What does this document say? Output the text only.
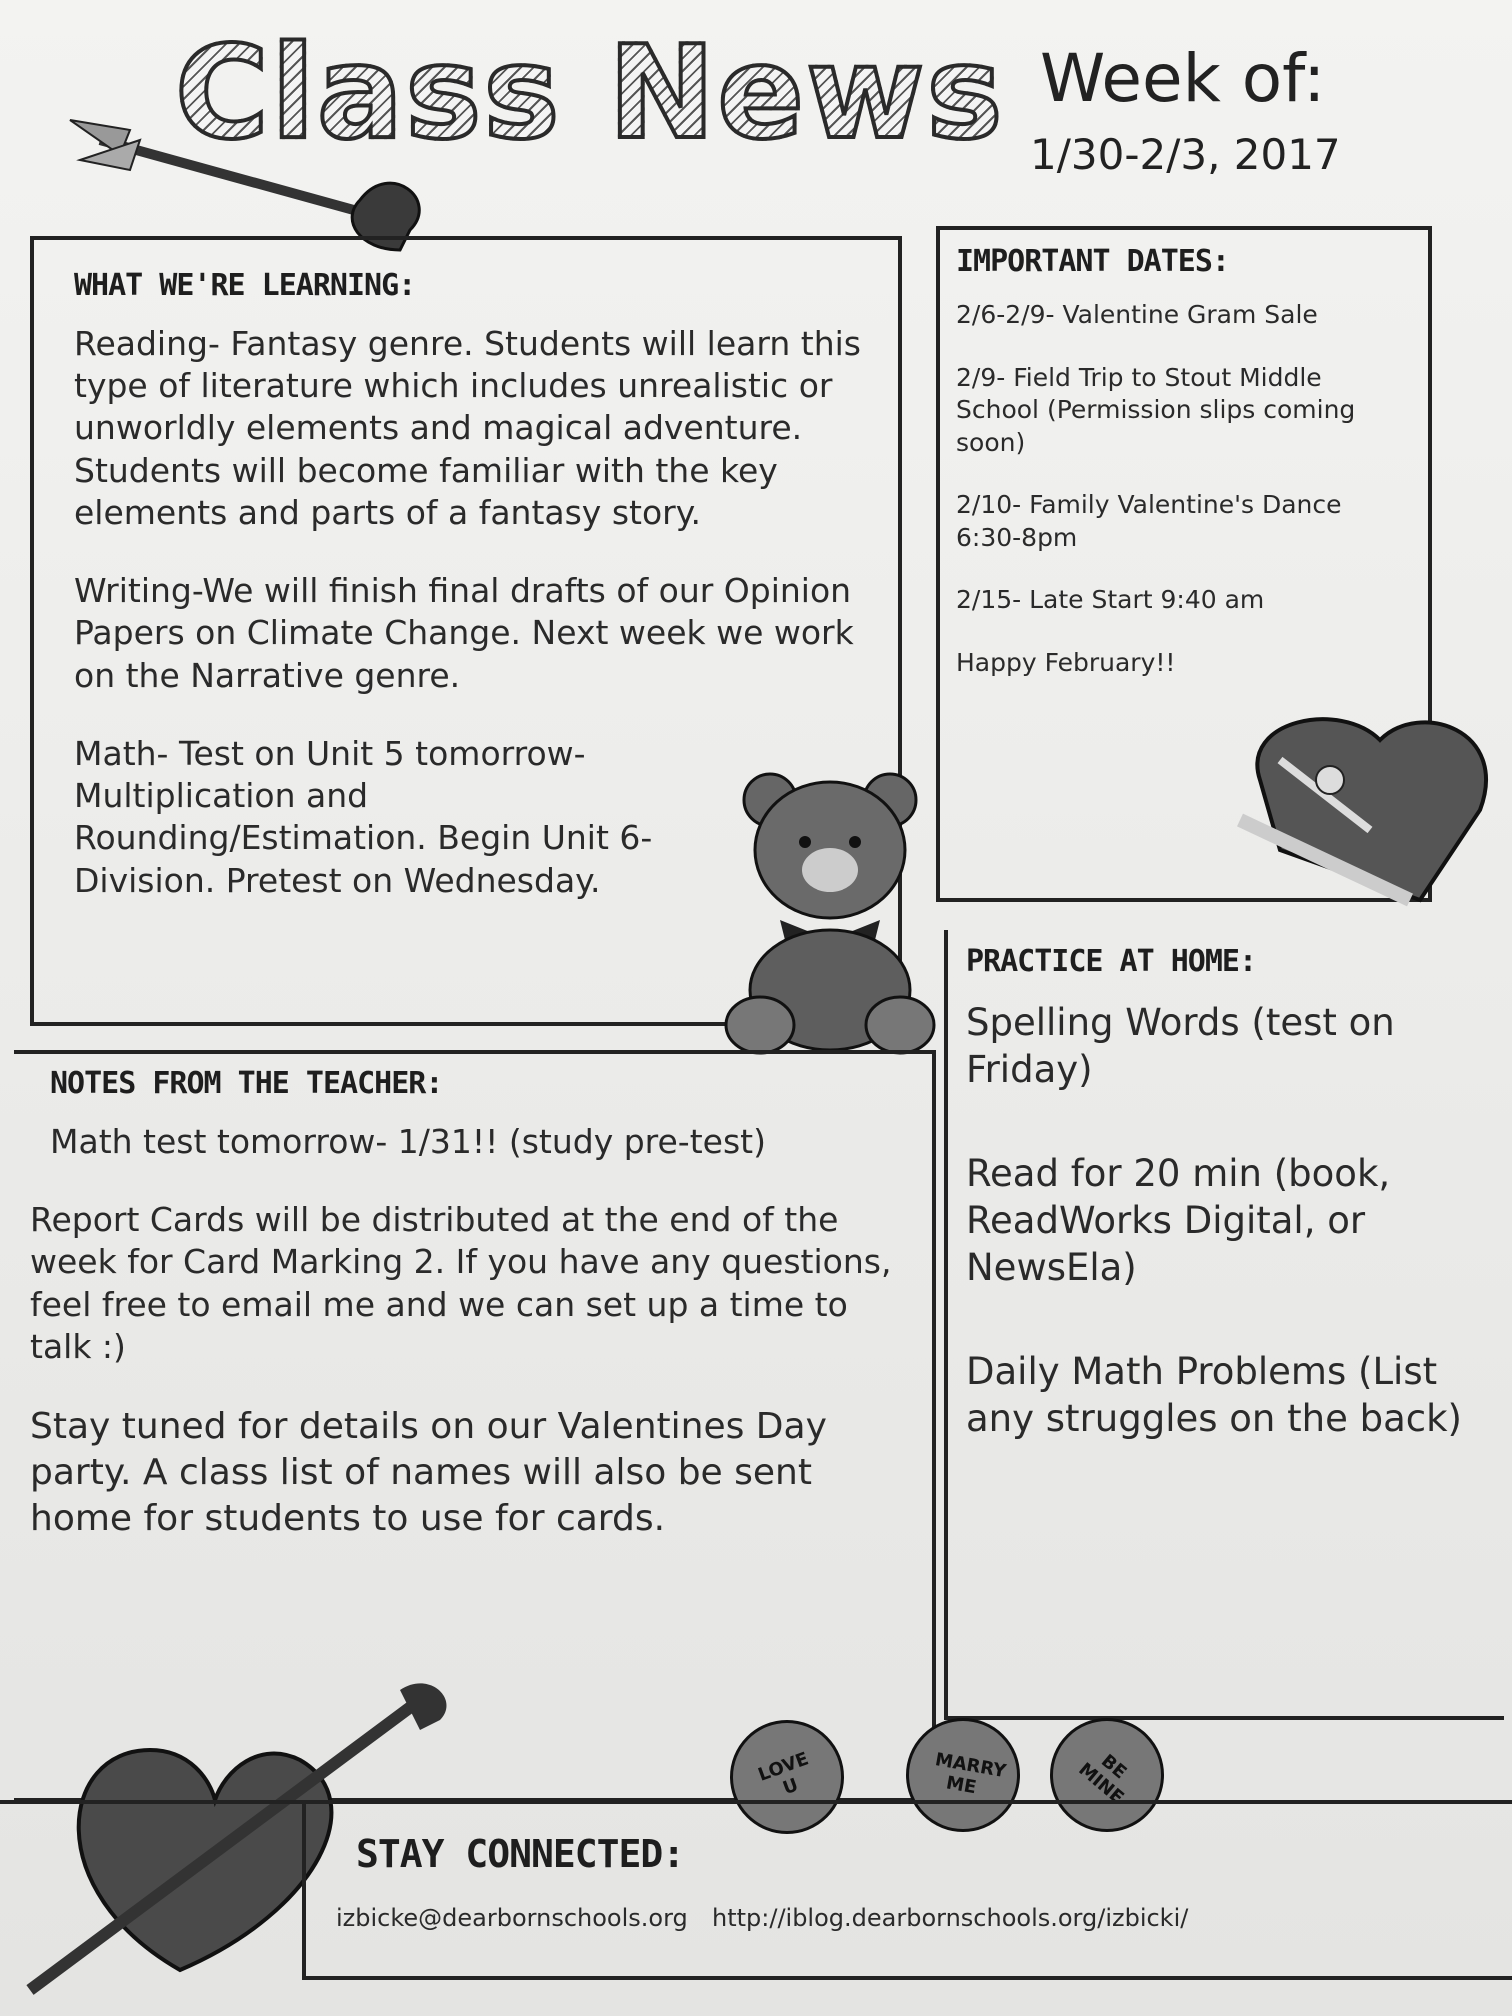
Class News Week of:

1/30-2/3, 2017

WHAT WE'RE LEARNING:

Reading- Fantasy genre. Students will learn this type of literature which includes unrealistic or unworldly elements and magical adventure. Students will become familiar with the key elements and parts of a fantasy story.

Writing-We will finish final drafts of our Opinion Papers on Climate Change. Next week we work on the Narrative genre.

Math- Test on Unit 5 tomorrow- Multiplication and Rounding/Estimation. Begin Unit 6- Division. Pretest on Wednesday.

IMPORTANT DATES:

2/6-2/9- Valentine Gram Sale

2/9- Field Trip to Stout Middle School (Permission slips coming soon)

2/10- Family Valentine's Dance 6:30-8pm

2/15- Late Start 9:40 am

Happy February!!

PRACTICE AT HOME:

Spelling Words (test on Friday)

Read for 20 min (book, ReadWorks Digital, or NewsEla)

Daily Math Problems (List any struggles on the back)

NOTES FROM THE TEACHER:

Math test tomorrow- 1/31!! (study pre-test)

Report Cards will be distributed at the end of the week for Card Marking 2. If you have any questions, feel free to email me and we can set up a time to talk :)

Stay tuned for details on our Valentines Day party. A class list of names will also be sent home for students to use for cards.

LOVE U
MARRY ME
BE MINE
STAY CONNECTED:
izbicke@dearbornschools.org http://iblog.dearbornschools.org/izbicki/
